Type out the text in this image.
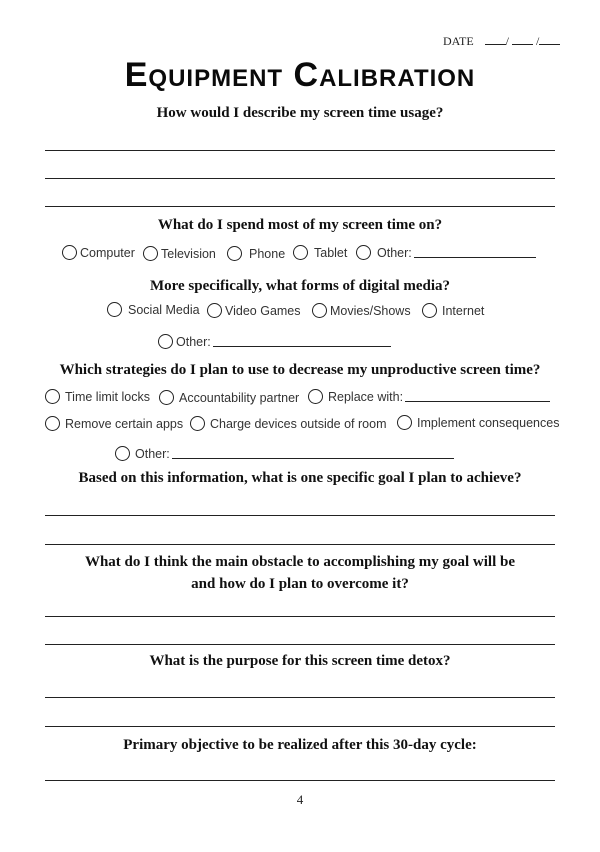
DATE	/ /
Equipment Calibration

How would I describe my screen time usage?

What do I spend most of my screen time on?

Computer Television	Phone Tablet Other:

More specifically, what forms of digital media?

Social Media Video Games Movies/Shows	Internet
Other:

Which strategies do I plan to use to decrease my unproductive screen time?

Time limit locks Accountability partner Replace with:
Remove certain apps Charge devices outside of room Implement consequences
Other:

Based on this information, what is one specific goal I plan to achieve?

What do I think the main obstacle to accomplishing my goal will be

and how do I plan to overcome it?

What is the purpose for this screen time detox?

Primary objective to be realized after this 30-day cycle:

4
